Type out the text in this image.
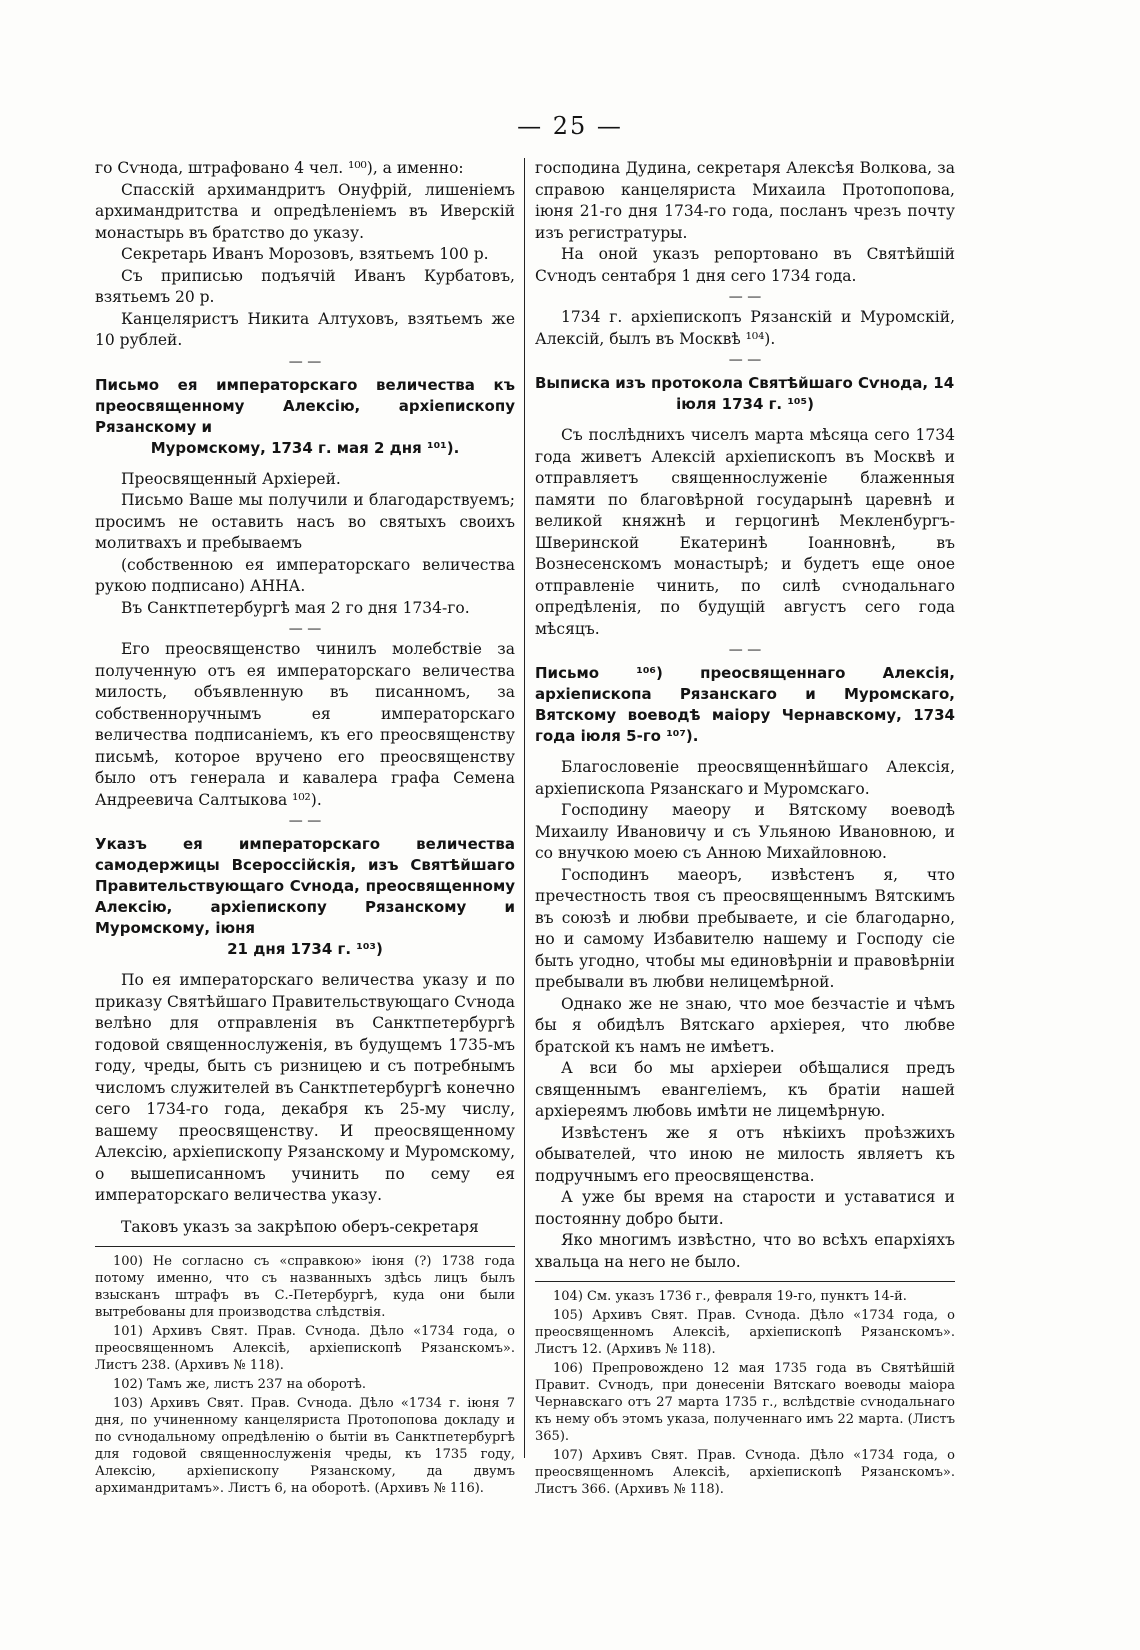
— 25 —

го Сѵнода, штрафовано 4 чел. ¹⁰⁰), а именно:

Спасскій архимандритъ Онуфрій, лишеніемъ архимандритства и опредѣленіемъ въ Иверскій монастырь въ братство до указу.

Секретарь Иванъ Морозовъ, взятьемъ 100 р.

Съ приписью подъячій Иванъ Курбатовъ, взятьемъ 20 р.

Канцеляристъ Никита Алтуховъ, взятьемъ же 10 рублей.

— —
Письмо ея императорскаго величества къ преосвященному Алексію, архіепископу Рязанскому и
Муромскому, 1734 г. мая 2 дня ¹⁰¹).

Преосвященный Архіерей.

Письмо Ваше мы получили и благодарствуемъ; просимъ не оставить насъ во святыхъ своихъ молитвахъ и пребываемъ

(собственною ея императорскаго величества рукою подписано) АННА.

Въ Санктпетербургѣ мая 2 го дня 1734-го.

— —

Его преосвященство чинилъ молебствіе за полученную отъ ея императорскаго величества милость, объявленную въ писанномъ, за собственноручнымъ ея императорскаго величества подписаніемъ, къ его преосвященству письмѣ, которое вручено его преосвященству было отъ генерала и кавалера графа Семена Андреевича Салтыкова ¹⁰²).

— —
Указъ ея императорскаго величества самодержицы Всероссійскія, изъ Святѣйшаго Правительствующаго Сѵнода, преосвященному Алексію, архіепископу Рязанскому и Муромскому, іюня
21 дня 1734 г. ¹⁰³)

По ея императорскаго величества указу и по приказу Святѣйшаго Правительствующаго Сѵнода велѣно для отправленія въ Санктпетербургѣ годовой священнослуженія, въ будущемъ 1735-мъ году, чреды, быть съ ризницею и съ потребнымъ числомъ служителей въ Санктпетербургѣ конечно сего 1734-го года, декабря къ 25-му числу, вашему преосвященству. И преосвященному Алексію, архіепископу Рязанскому и Муромскому, о вышеписанномъ учинить по сему ея императорскаго величества указу.

Таковъ указъ за закрѣпою оберъ-секретаря

100) Не согласно съ «справкою» іюня (?) 1738 года потому именно, что съ названныхъ здѣсь лицъ былъ взысканъ штрафъ въ С.-Петербургѣ, куда они были вытребованы для производства слѣдствія.

101) Архивъ Свят. Прав. Сѵнода. Дѣло «1734 года, о преосвященномъ Алексіѣ, архіепископѣ Рязанскомъ». Листъ 238. (Архивъ № 118).

102) Тамъ же, листъ 237 на оборотѣ.

103) Архивъ Свят. Прав. Сѵнода. Дѣло «1734 г. іюня 7 дня, по учиненному канцеляриста Протопопова докладу и по сѵнодальному опредѣленію о бытіи въ Санктпетербургѣ для годовой священнослуженія чреды, къ 1735 году, Алексію, архіепископу Рязанскому, да двумъ архимандритамъ». Листъ 6, на оборотѣ. (Архивъ № 116).

господина Дудина, секретаря Алексѣя Волкова, за справою канцеляриста Михаила Протопопова, іюня 21-го дня 1734-го года, посланъ чрезъ почту изъ регистратуры.

На оной указъ репортовано въ Святѣйшій Сѵнодъ сентабря 1 дня сего 1734 года.

— —

1734 г. архіепископъ Рязанскій и Муромскій, Алексій, былъ въ Москвѣ ¹⁰⁴).

— —
Выписка изъ протокола Святѣйшаго Сѵнода, 14
іюля 1734 г. ¹⁰⁵)

Съ послѣднихъ чиселъ марта мѣсяца сего 1734 года живетъ Алексій архіепископъ въ Москвѣ и отправляетъ священнослуженіе блаженныя памяти по благовѣрной государынѣ царевнѣ и великой княжнѣ и герцогинѣ Мекленбургъ-Шверинской Екатеринѣ Іоанновнѣ, въ Вознесенскомъ монастырѣ; и будетъ еще оное отправленіе чинить, по силѣ сѵнодальнаго опредѣленія, по будущій августъ сего года мѣсяцъ.

— —
Письмо ¹⁰⁶) преосвященнаго Алексія, архіепископа Рязанскаго и Муромскаго, Вятскому воеводѣ маіору Чернавскому, 1734 года іюля 5-го ¹⁰⁷).

Благословеніе преосвященнѣйшаго Алексія, архіепископа Рязанскаго и Муромскаго.

Господину маеору и Вятскому воеводѣ Михаилу Ивановичу и съ Ульяною Ивановною, и со внучкою моею съ Анною Михайловною.

Господинъ маеоръ, извѣстенъ я, что пречестность твоя съ преосвященнымъ Вятскимъ въ союзѣ и любви пребываете, и сіе благодарно, но и самому Избавителю нашему и Господу сіе быть угодно, чтобы мы единовѣрніи и правовѣрніи пребывали въ любви нелицемѣрной.

Однако же не знаю, что мое безчастіе и чѣмъ бы я обидѣлъ Вятскаго архіерея, что любве братской къ намъ не имѣетъ.

А вси бо мы архіереи обѣщалися предъ священнымъ евангеліемъ, къ братіи нашей архіереямъ любовь имѣти не лицемѣрную.

Извѣстенъ же я отъ нѣкіихъ проѣзжихъ обывателей, что иною не милость являетъ къ подручнымъ его преосвященства.

А уже бы время на старости и уставатися и постоянну добро быти.

Яко многимъ извѣстно, что во всѣхъ епархіяхъ хвальца на него не было.

104) См. указъ 1736 г., февраля 19-го, пунктъ 14-й.

105) Архивъ Свят. Прав. Сѵнода. Дѣло «1734 года, о преосвященномъ Алексіѣ, архіепископѣ Рязанскомъ». Листъ 12. (Архивъ № 118).

106) Препровождено 12 мая 1735 года въ Святѣйшій Правит. Сѵнодъ, при донесеніи Вятскаго воеводы маіора Чернавскаго отъ 27 марта 1735 г., вслѣдствіе сѵнодальнаго къ нему объ этомъ указа, полученнаго имъ 22 марта. (Листъ 365).

107) Архивъ Свят. Прав. Сѵнода. Дѣло «1734 года, о преосвященномъ Алексіѣ, архіепископѣ Рязанскомъ». Листъ 366. (Архивъ № 118).
